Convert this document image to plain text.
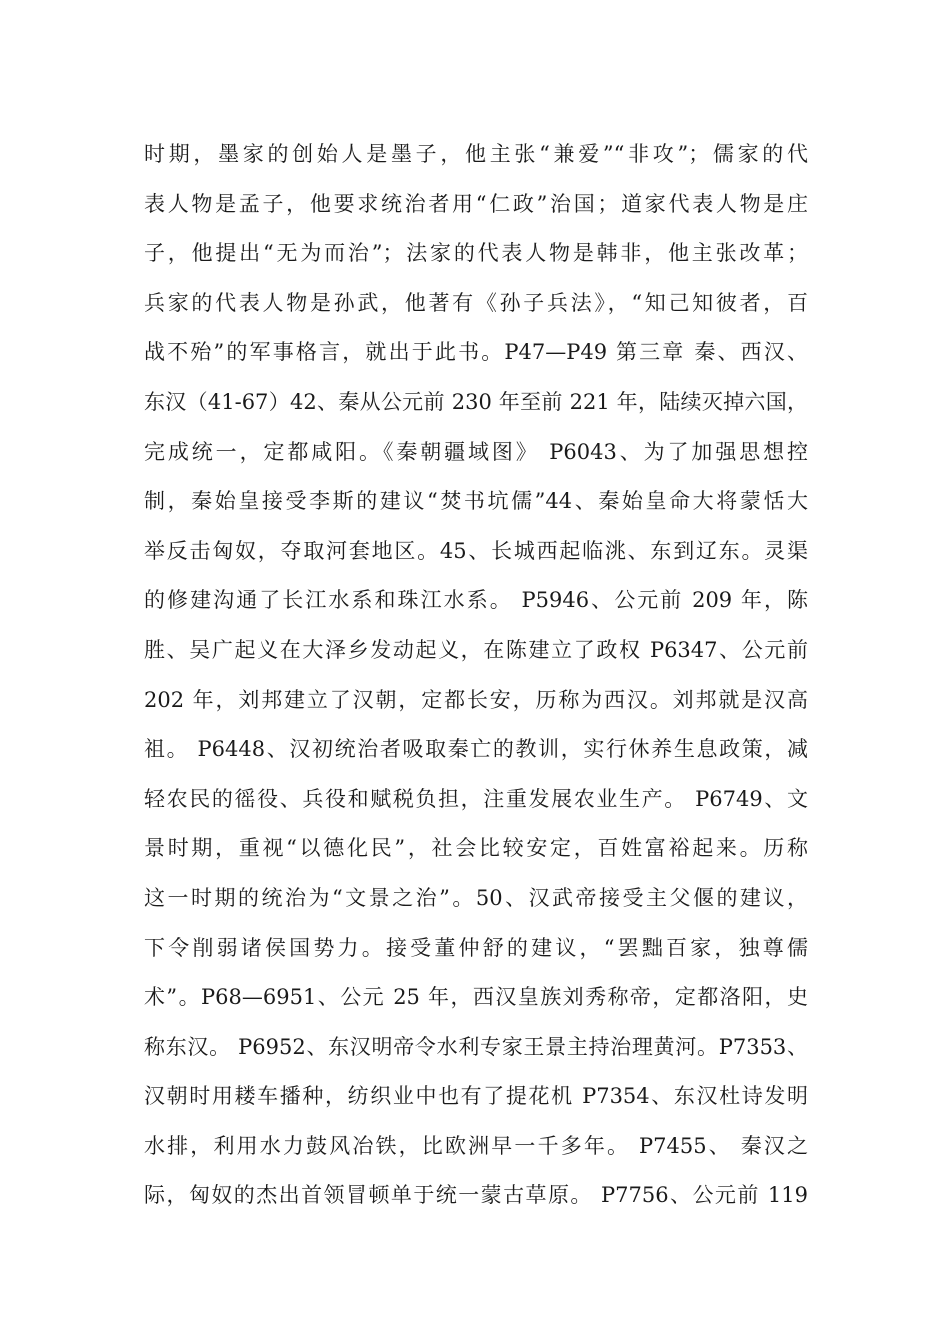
时期，墨家的创始人是墨子，他主张“兼爱”“非攻”；儒家的代
表人物是孟子，他要求统治者用“仁政”治国；道家代表人物是庄
子，他提出“无为而治”；法家的代表人物是韩非，他主张改革；
兵家的代表人物是孙武，他著有《孙子兵法》，“知己知彼者，百
战不殆”的军事格言，就出于此书。P47—P49 第三章 秦、西汉、
东汉（41-67）42、秦从公元前 230 年至前 221 年，陆续灭掉六国，
完成统一，定都咸阳。《秦朝疆域图》 P6043、为了加强思想控
制，秦始皇接受李斯的建议“焚书坑儒”44、秦始皇命大将蒙恬大
举反击匈奴，夺取河套地区。45、长城西起临洮、东到辽东。灵渠
的修建沟通了长江水系和珠江水系。 P5946、公元前 209 年，陈
胜、吴广起义在大泽乡发动起义，在陈建立了政权 P6347、公元前
202 年，刘邦建立了汉朝，定都长安，历称为西汉。刘邦就是汉高
祖。 P6448、汉初统治者吸取秦亡的教训，实行休养生息政策，减
轻农民的徭役、兵役和赋税负担，注重发展农业生产。 P6749、文
景时期，重视“以德化民”，社会比较安定，百姓富裕起来。历称
这一时期的统治为“文景之治”。50、汉武帝接受主父偃的建议，
下令削弱诸侯国势力。接受董仲舒的建议，“罢黜百家，独尊儒
术”。P68—6951、公元 25 年，西汉皇族刘秀称帝，定都洛阳，史
称东汉。 P6952、东汉明帝令水利专家王景主持治理黄河。P7353、
汉朝时用耧车播种，纺织业中也有了提花机 P7354、东汉杜诗发明
水排，利用水力鼓风冶铁，比欧洲早一千多年。 P7455、 秦汉之
际，匈奴的杰出首领冒顿单于统一蒙古草原。 P7756、公元前 119
